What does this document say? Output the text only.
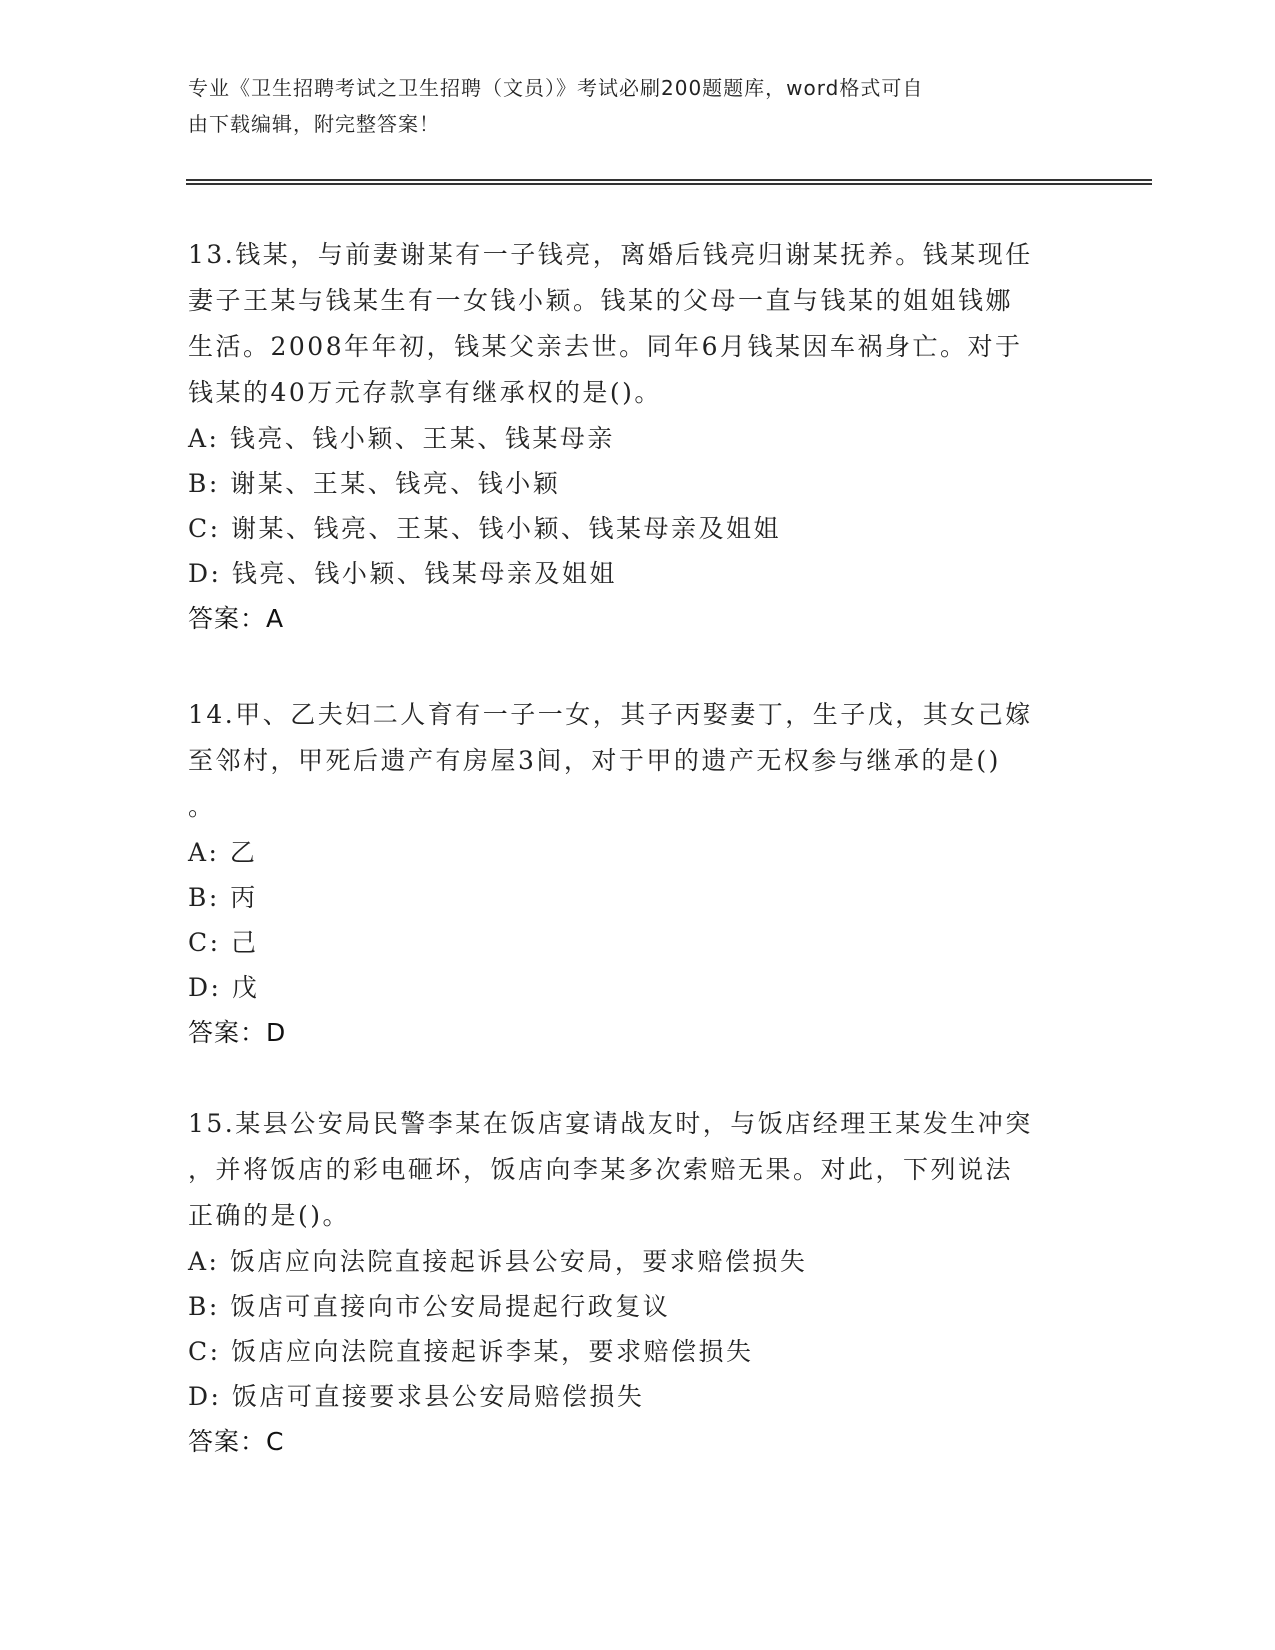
专业《卫生招聘考试之卫生招聘（文员）》考试必刷200题题库，word格式可自
由下载编辑，附完整答案！

13.钱某，与前妻谢某有一子钱亮，离婚后钱亮归谢某抚养。钱某现任

妻子王某与钱某生有一女钱小颖。钱某的父母一直与钱某的姐姐钱娜

生活。2008年年初，钱某父亲去世。同年6月钱某因车祸身亡。对于

钱某的40万元存款享有继承权的是()。

A: 钱亮、钱小颖、王某、钱某母亲

B: 谢某、王某、钱亮、钱小颖

C: 谢某、钱亮、王某、钱小颖、钱某母亲及姐姐

D: 钱亮、钱小颖、钱某母亲及姐姐

答案：A

14.甲、乙夫妇二人育有一子一女，其子丙娶妻丁，生子戊，其女己嫁

至邻村，甲死后遗产有房屋3间，对于甲的遗产无权参与继承的是()

。

A: 乙

B: 丙

C: 己

D: 戊

答案：D

15.某县公安局民警李某在饭店宴请战友时，与饭店经理王某发生冲突

，并将饭店的彩电砸坏，饭店向李某多次索赔无果。对此，下列说法

正确的是()。

A: 饭店应向法院直接起诉县公安局，要求赔偿损失

B: 饭店可直接向市公安局提起行政复议

C: 饭店应向法院直接起诉李某，要求赔偿损失

D: 饭店可直接要求县公安局赔偿损失

答案：C
